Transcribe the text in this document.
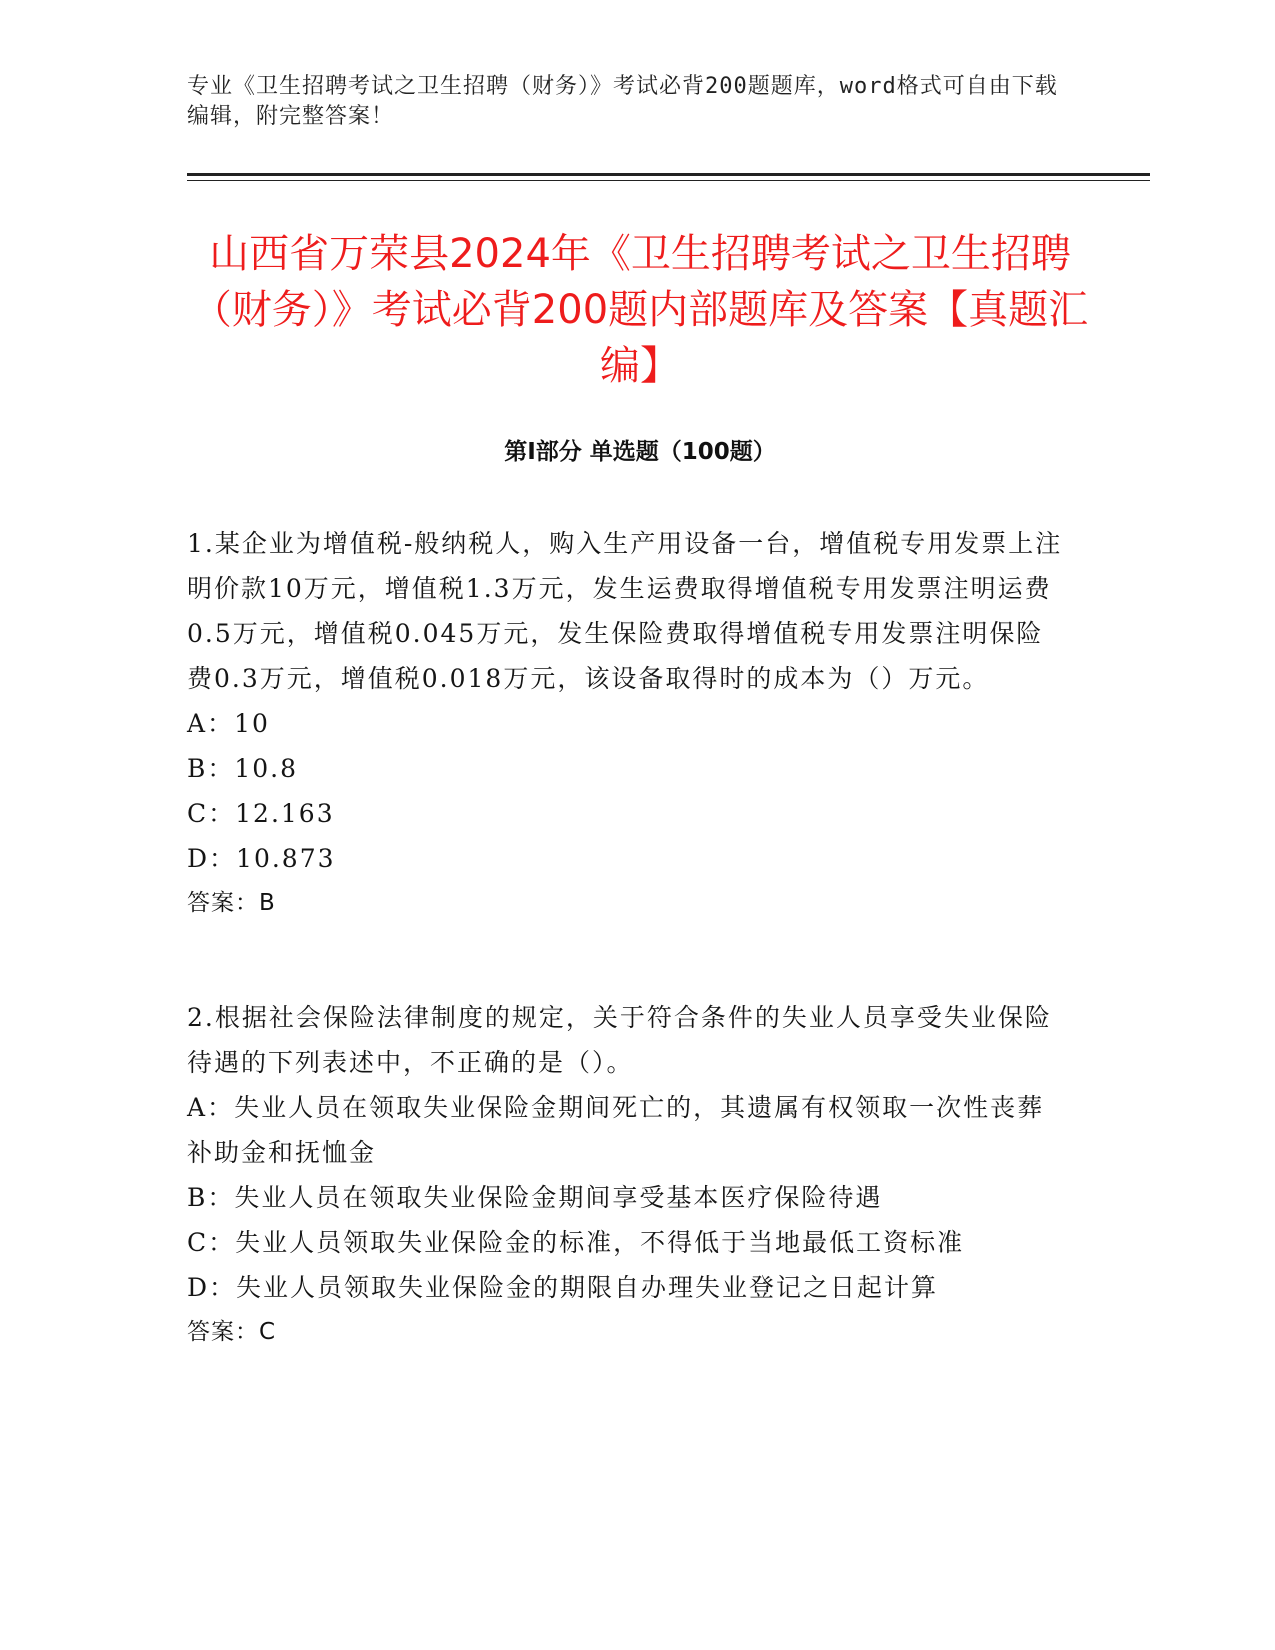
专业《卫生招聘考试之卫生招聘（财务）》考试必背200题题库，word格式可自由下载编辑，附完整答案！
山西省万荣县2024年《卫生招聘考试之卫生招聘（财务）》考试必背200题内部题库及答案【真题汇编】
第Ⅰ部分 单选题（100题）

1.某企业为增值税-般纳税人，购入生产用设备一台，增值税专用发票上注明价款10万元，增值税1.3万元，发生运费取得增值税专用发票注明运费0.5万元，增值税0.045万元，发生保险费取得增值税专用发票注明保险费0.3万元，增值税0.018万元，该设备取得时的成本为（）万元。

A：10

B：10.8

C：12.163

D：10.873

答案：B

2.根据社会保险法律制度的规定，关于符合条件的失业人员享受失业保险待遇的下列表述中，不正确的是（）。

A：失业人员在领取失业保险金期间死亡的，其遗属有权领取一次性丧葬补助金和抚恤金

B：失业人员在领取失业保险金期间享受基本医疗保险待遇

C：失业人员领取失业保险金的标准，不得低于当地最低工资标准

D：失业人员领取失业保险金的期限自办理失业登记之日起计算

答案：C
